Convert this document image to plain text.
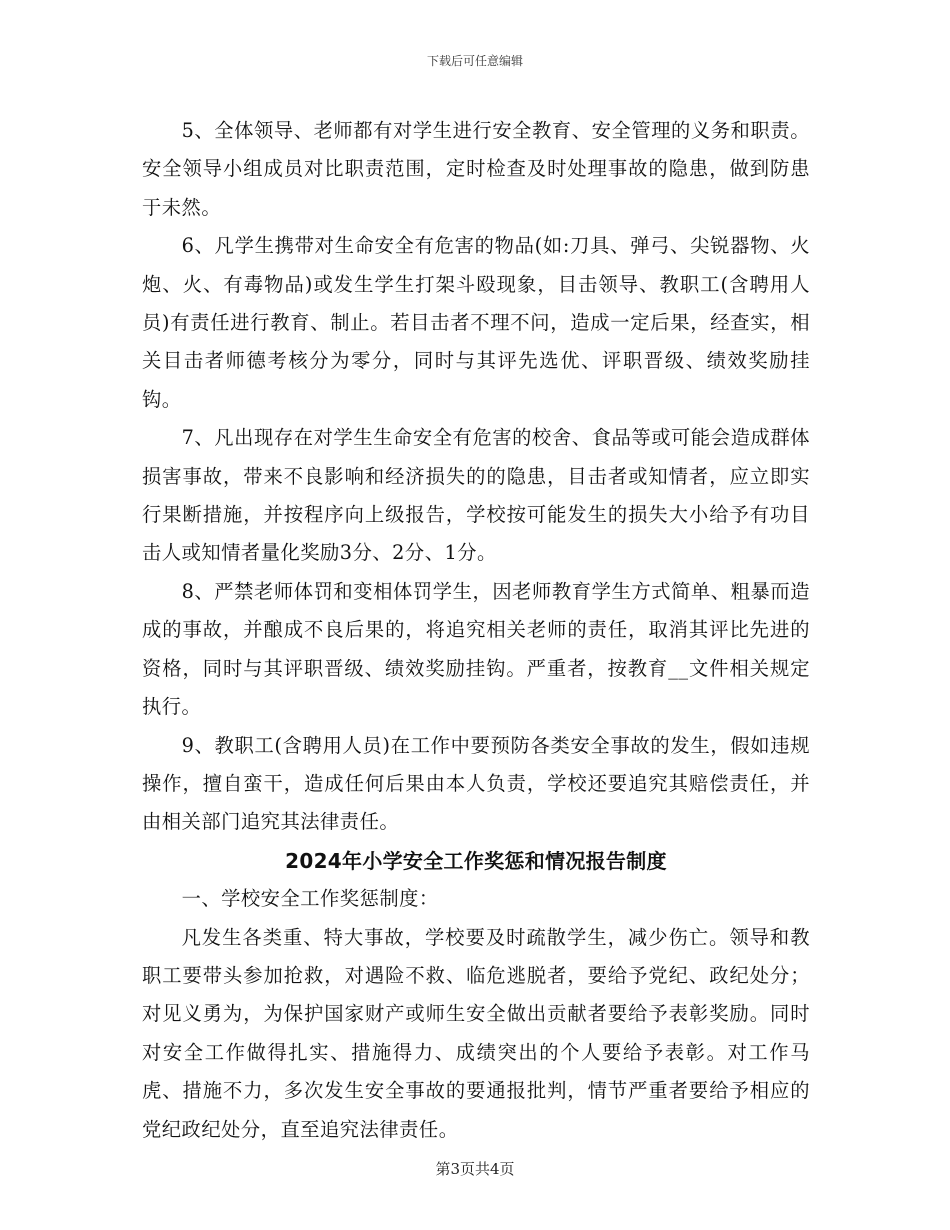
下载后可任意编辑

5、全体领导、老师都有对学生进行安全教育、安全管理的义务和职责。安全领导小组成员对比职责范围，定时检查及时处理事故的隐患，做到防患于未然。

6、凡学生携带对生命安全有危害的物品(如:刀具、弹弓、尖锐器物、火炮、火、有毒物品)或发生学生打架斗殴现象，目击领导、教职工(含聘用人员)有责任进行教育、制止。若目击者不理不问，造成一定后果，经查实，相关目击者师德考核分为零分，同时与其评先选优、评职晋级、绩效奖励挂钩。

7、凡出现存在对学生生命安全有危害的校舍、食品等或可能会造成群体损害事故，带来不良影响和经济损失的的隐患，目击者或知情者，应立即实行果断措施，并按程序向上级报告，学校按可能发生的损失大小给予有功目击人或知情者量化奖励3分、2分、1分。

8、严禁老师体罚和变相体罚学生，因老师教育学生方式简单、粗暴而造成的事故，并酿成不良后果的，将追究相关老师的责任，取消其评比先进的资格，同时与其评职晋级、绩效奖励挂钩。严重者，按教育__文件相关规定执行。

9、教职工(含聘用人员)在工作中要预防各类安全事故的发生，假如违规操作，擅自蛮干，造成任何后果由本人负责，学校还要追究其赔偿责任，并由相关部门追究其法律责任。

2024年小学安全工作奖惩和情况报告制度

一、学校安全工作奖惩制度：

凡发生各类重、特大事故，学校要及时疏散学生，减少伤亡。领导和教职工要带头参加抢救，对遇险不救、临危逃脱者，要给予党纪、政纪处分；对见义勇为，为保护国家财产或师生安全做出贡献者要给予表彰奖励。同时对安全工作做得扎实、措施得力、成绩突出的个人要给予表彰。对工作马虎、措施不力，多次发生安全事故的要通报批判，情节严重者要给予相应的党纪政纪处分，直至追究法律责任。

第3页共4页
